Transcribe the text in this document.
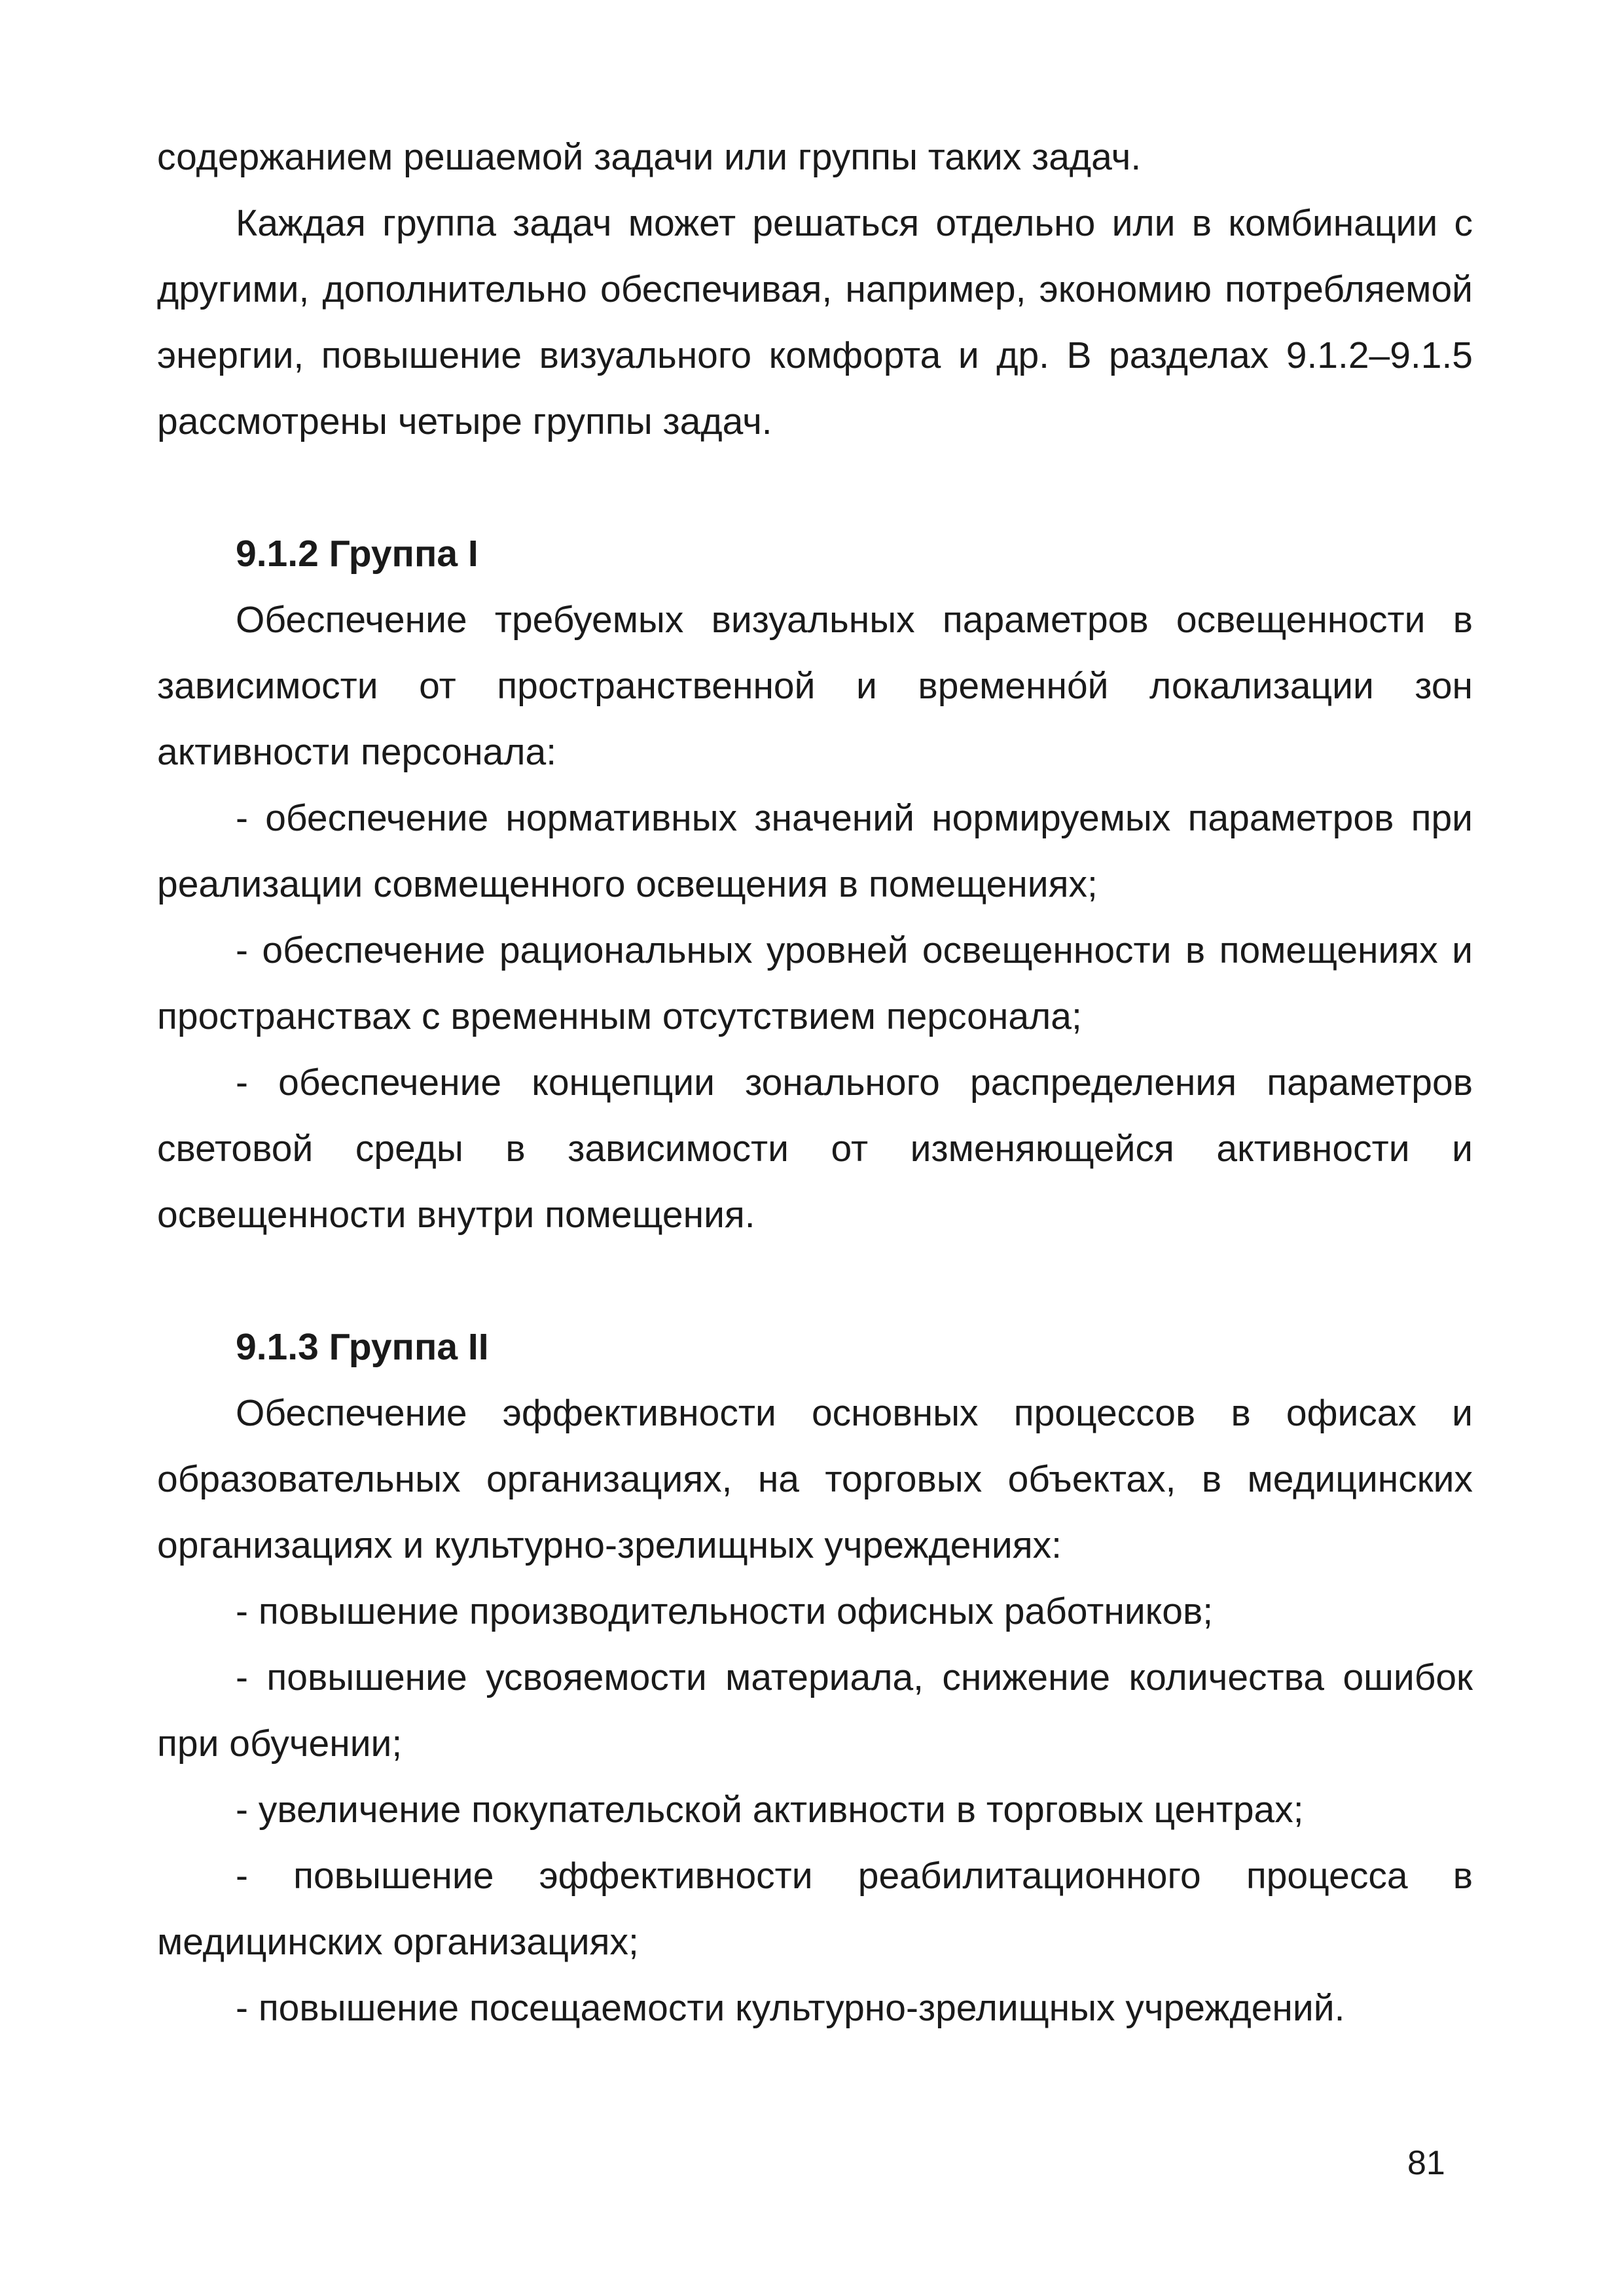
содержанием решаемой задачи или группы таких задач.

Каждая группа задач может решаться отдельно или в комбинации с другими, дополнительно обеспечивая, например, экономию потребляемой энергии, повышение визуального комфорта и др. В разделах 9.1.2–9.1.5 рассмотрены четыре группы задач.

9.1.2 Группа I

Обеспечение требуемых визуальных параметров освещенности в зависимости от пространственной и временнóй локализации зон активности персонала:

- обеспечение нормативных значений нормируемых параметров при реализации совмещенного освещения в помещениях;

- обеспечение рациональных уровней освещенности в помещениях и пространствах с временным отсутствием персонала;

- обеспечение концепции зонального распределения параметров световой среды в зависимости от изменяющейся активности и освещенности внутри помещения.

9.1.3 Группа II

Обеспечение эффективности основных процессов в офисах и образовательных организациях, на торговых объектах, в медицинских организациях и культурно-зрелищных учреждениях:

- повышение производительности офисных работников;

- повышение усвояемости материала, снижение количества ошибок при обучении;

- увеличение покупательской активности в торговых центрах;

- повышение эффективности реабилитационного процесса в медицинских организациях;

- повышение посещаемости культурно-зрелищных учреждений.

81
